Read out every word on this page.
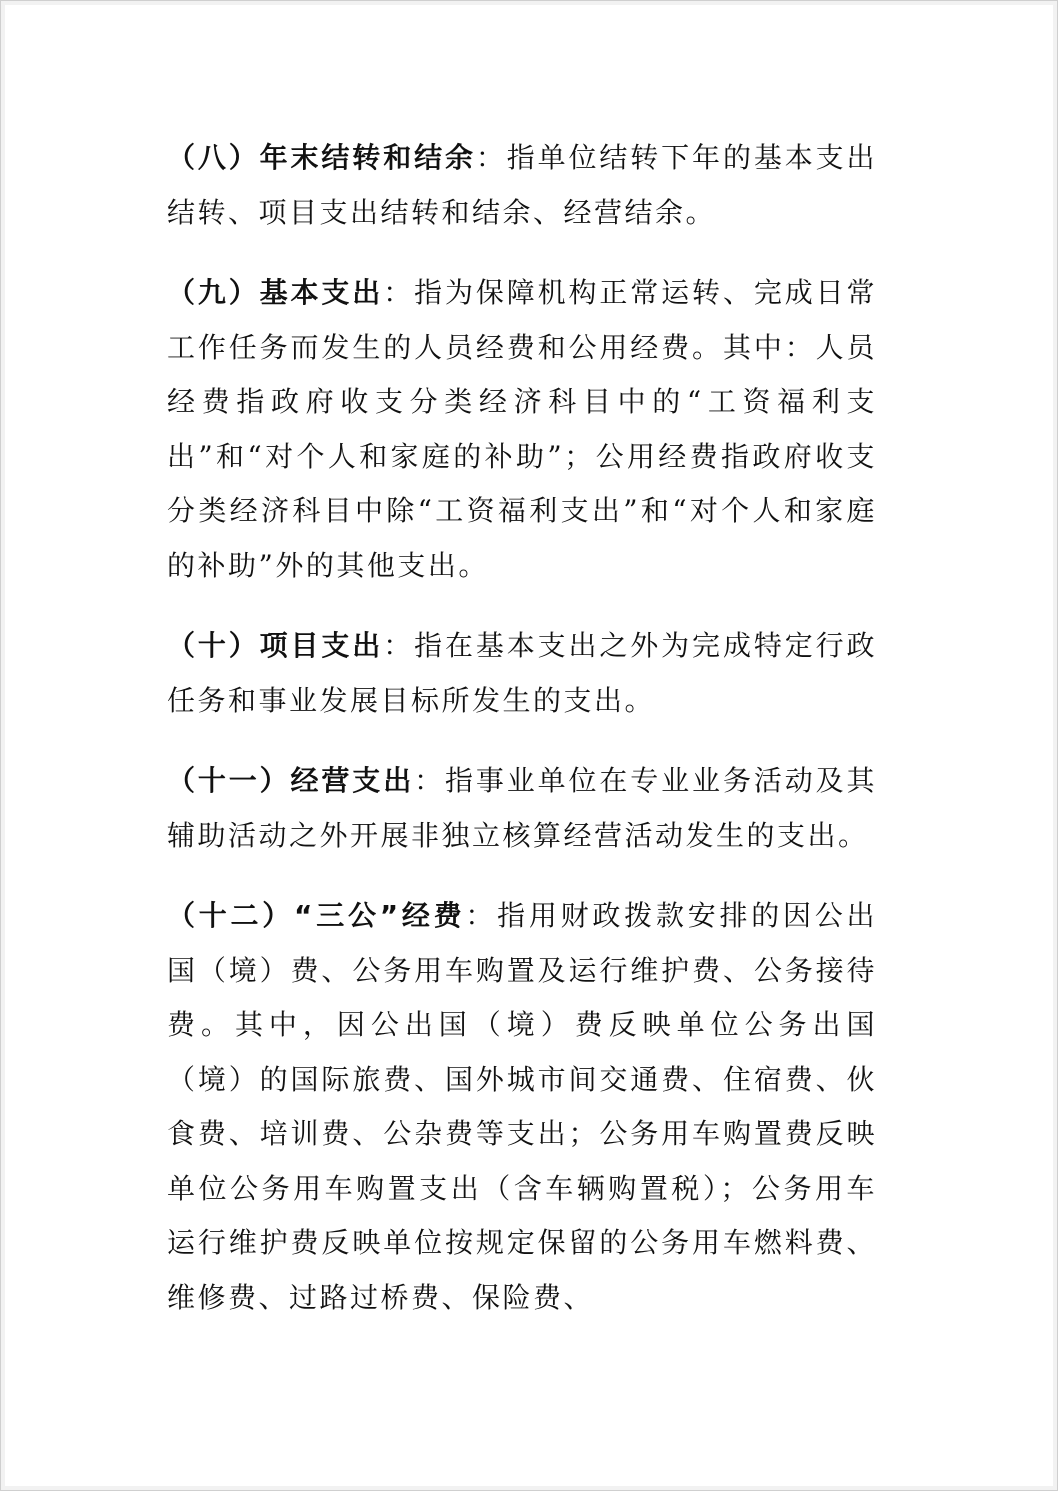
（八）年末结转和结余：指单位结转下年的基本支出结转、项目支出结转和结余、经营结余。

（九）基本支出：指为保障机构正常运转、完成日常工作任务而发生的人员经费和公用经费。其中：人员经费指政府收支分类经济科目中的“工资福利支出”和“对个人和家庭的补助”；公用经费指政府收支分类经济科目中除“工资福利支出”和“对个人和家庭的补助”外的其他支出。

（十）项目支出：指在基本支出之外为完成特定行政任务和事业发展目标所发生的支出。

（十一）经营支出：指事业单位在专业业务活动及其辅助活动之外开展非独立核算经营活动发生的支出。

（十二）“三公”经费：指用财政拨款安排的因公出国（境）费、公务用车购置及运行维护费、公务接待费。其中，因公出国（境）费反映单位公务出国（境）的国际旅费、国外城市间交通费、住宿费、伙食费、培训费、公杂费等支出；公务用车购置费反映单位公务用车购置支出（含车辆购置税）；公务用车运行维护费反映单位按规定保留的公务用车燃料费、维修费、过路过桥费、保险费、
